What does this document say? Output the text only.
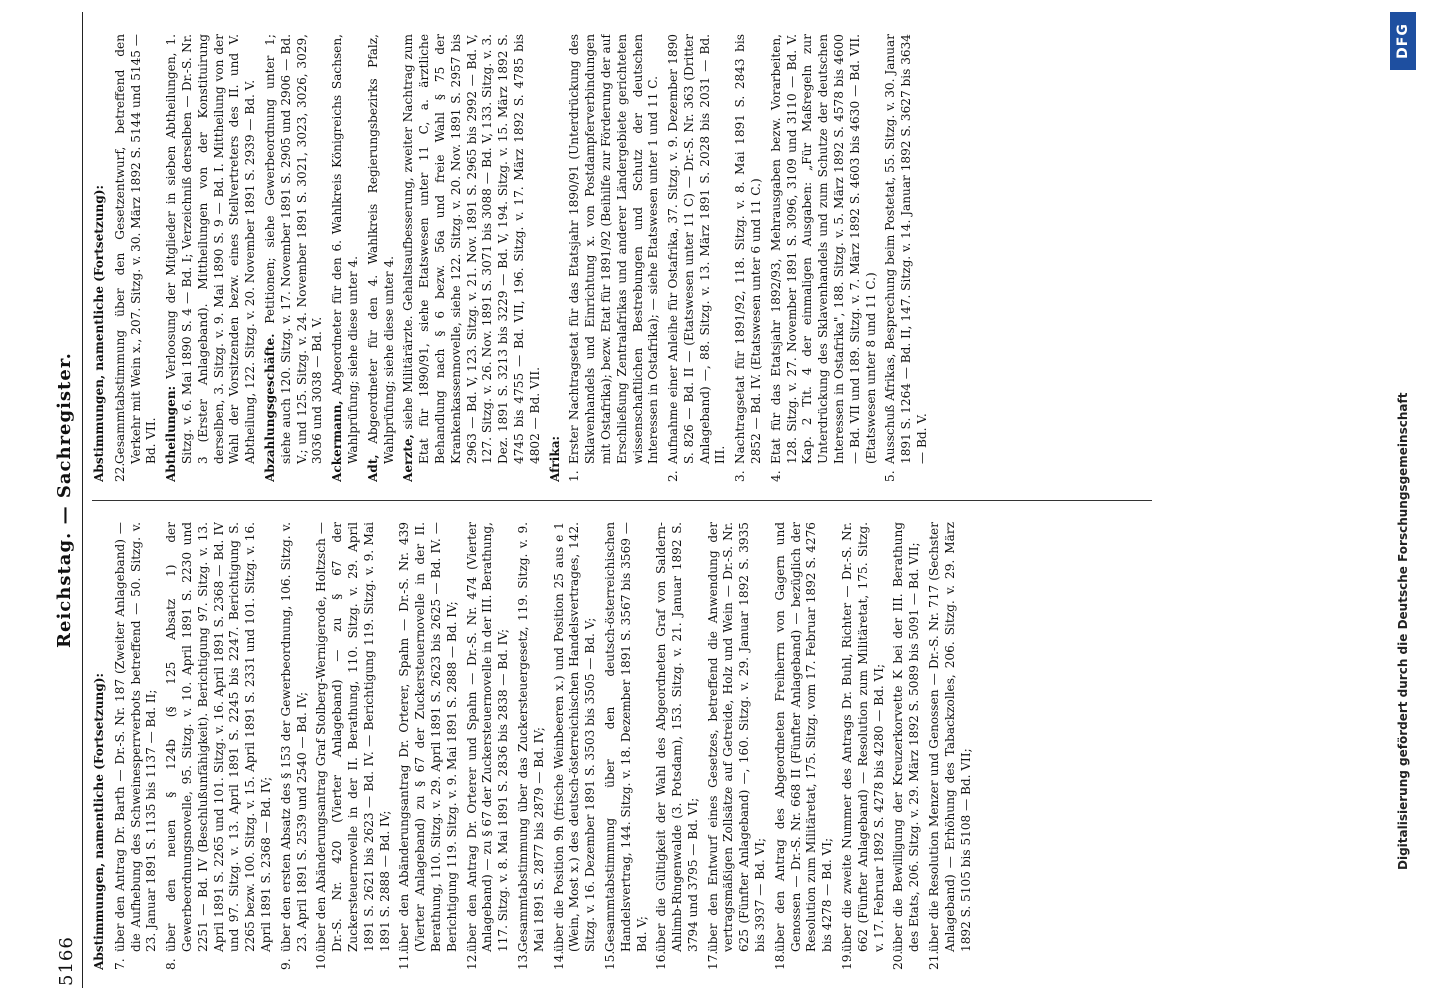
5166
Reichstag. — Sachregister.
Abstimmungen, namentliche (Fortsetzung): 7.über den Antrag Dr. Barth — Dr.-S. Nr. 187 (Zweiter Anlageband) — die Aufhebung des Schweinesperrverbots betreffend — 50. Sitzg. v. 23. Januar 1891 S. 1135 bis 1137 — Bd. II;
8.über den neuen § 124b (§ 125 Absatz 1) der Gewerbeordnungsnovelle, 95. Sitzg. v. 10. April 1891 S. 2230 und 2251 — Bd. IV (Beschlußunfähigkeit). Berichtigung 97. Sitzg. v. 13. April 1891 S. 2265 und 101. Sitzg. v. 16. April 1891 S. 2368 — Bd. IV und 97. Sitzg. v. 13. April 1891 S. 2245 bis 2247. Berichtigung S. 2265 bezw. 100. Sitzg. v. 15. April 1891 S. 2331 und 101. Sitzg. v. 16. April 1891 S. 2368 — Bd. IV;
9.über den ersten Absatz des § 153 der Gewerbeordnung, 106. Sitzg. v. 23. April 1891 S. 2539 und 2540 — Bd. IV;
10.über den Abänderungsantrag Graf Stolberg-Wernigerode, Holtzsch — Dr.-S. Nr. 420 (Vierter Anlageband) — zu § 67 der Zuckersteuernovelle in der II. Berathung, 110. Sitzg. v. 29. April 1891 S. 2621 bis 2623 — Bd. IV. — Berichtigung 119. Sitzg. v. 9. Mai 1891 S. 2888 — Bd. IV;
11.über den Abänderungsantrag Dr. Orterer, Spahn — Dr.-S. Nr. 439 (Vierter Anlageband) zu § 67 der Zuckersteuernovelle in der II. Berathung, 110. Sitzg. v. 29. April 1891 S. 2623 bis 2625 — Bd. IV. — Berichtigung 119. Sitzg. v. 9. Mai 1891 S. 2888 — Bd. IV;
12.über den Antrag Dr. Orterer und Spahn — Dr.-S. Nr. 474 (Vierter Anlageband) — zu § 67 der Zuckersteuernovelle in der III. Berathung, 117. Sitzg. v. 8. Mai 1891 S. 2836 bis 2838 — Bd. IV;
13.Gesammtabstimmung über das Zuckersteuergesetz, 119. Sitzg. v. 9. Mai 1891 S. 2877 bis 2879 — Bd. IV;
14.über die Position 9h (frische Weinbeeren x.) und Position 25 aus e 1 (Wein, Most x.) des deutsch-österreichischen Handelsvertrages, 142. Sitzg. v. 16. Dezember 1891 S. 3503 bis 3505 — Bd. V;
15.Gesammtabstimmung über den deutsch-österreichischen Handelsvertrag, 144. Sitzg. v. 18. Dezember 1891 S. 3567 bis 3569 — Bd. V;
16.über die Gültigkeit der Wahl des Abgeordneten Graf von Saldern-Ahlimb-Ringenwalde (3. Potsdam), 153. Sitzg. v. 21. Januar 1892 S. 3794 und 3795 — Bd. VI;
17.über den Entwurf eines Gesetzes, betreffend die Anwendung der vertragsmäßigen Zollsätze auf Getreide, Holz und Wein — Dr.-S. Nr. 625 (Fünfter Anlageband) —, 160. Sitzg. v. 29. Januar 1892 S. 3935 bis 3937 — Bd. VI;
18.über den Antrag des Abgeordneten Freiherrn von Gagern und Genossen — Dr.-S. Nr. 668 II (Fünfter Anlageband) — bezüglich der Resolution zum Militäretat, 175. Sitzg. vom 17. Februar 1892 S. 4276 bis 4278 — Bd. VI;
19.über die zweite Nummer des Antrags Dr. Buhl, Richter — Dr.-S. Nr. 662 (Fünfter Anlageband) — Resolution zum Militäretat, 175. Sitzg. v. 17. Februar 1892 S. 4278 bis 4280 — Bd. VI;
20.über die Bewilligung der Kreuzerkorvette K bei der III. Berathung des Etats, 206. Sitzg. v. 29. März 1892 S. 5089 bis 5091 — Bd. VII;
21.über die Resolution Menzer und Genossen — Dr.-S. Nr. 717 (Sechster Anlageband) — Erhöhung des Tabackzolles, 206. Sitzg. v. 29. März 1892 S. 5105 bis 5108 — Bd. VII;
Abstimmungen, namentliche (Fortsetzung): 22.Gesammtabstimmung über den Gesetzentwurf, betreffend den Verkehr mit Wein x., 207. Sitzg. v. 30. März 1892 S. 5144 und 5145 — Bd. VII. Abtheilungen: Verloosung der Mitglieder in sieben Abtheilungen, 1. Sitzg. v. 6. Mai 1890 S. 4 — Bd. I; Verzeichniß derselben — Dr.-S. Nr. 3 (Erster Anlageband). Mittheilungen von der Konstituirung derselben, 3. Sitzg. v. 9. Mai 1890 S. 9 — Bd. I. Mittheilung von der Wahl der Vorsitzenden bezw. eines Stellvertreters des II. und V. Abtheilung, 122. Sitzg. v. 20. November 1891 S. 2939 — Bd. V. Abzahlungsgeschäfte. Petitionen; siehe Gewerbeordnung unter 1; siehe auch 120. Sitzg. v. 17. November 1891 S. 2905 und 2906 — Bd. V.; und 125. Sitzg. v. 24. November 1891 S. 3021, 3023, 3026, 3029, 3036 und 3038 — Bd. V. Ackermann, Abgeordneter für den 6. Wahlkreis Königreichs Sachsen, Wahlprüfung; siehe diese unter 4.
Adt, Abgeordneter für den 4. Wahlkreis Regierungsbezirks Pfalz, Wahlprüfung; siehe diese unter 4. Aerzte, siehe Militärärzte. Gehaltsaufbesserung, zweiter Nachtrag zum Etat für 1890/91, siehe Etatswesen unter 11 C, a. ärztliche Behandlung nach § 6 bezw. 56a und freie Wahl § 75 der Krankenkassennovelle, siehe 122. Sitzg. v. 20. Nov. 1891 S. 2957 bis 2963 — Bd. V, 123. Sitzg. v. 21. Nov. 1891 S. 2965 bis 2992 — Bd. V, 127. Sitzg. v. 26. Nov. 1891 S. 3071 bis 3088 — Bd. V, 133. Sitzg. v. 3. Dez. 1891 S. 3213 bis 3229 — Bd. V, 194. Sitzg. v. 15. März 1892 S. 4745 bis 4755 — Bd. VII, 196. Sitzg. v. 17. März 1892 S. 4785 bis 4802 — Bd. VII. Afrika: 1.Erster Nachtragsetat für das Etatsjahr 1890/91 (Unterdrückung des Sklavenhandels und Einrichtung x. von Postdampferverbindungen mit Ostafrika); bezw. Etat für 1891/92 (Beihilfe zur Förderung der auf Erschließung Zentralafrikas und anderer Ländergebiete gerichteten wissenschaftlichen Bestrebungen und Schutz der deutschen Interessen in Ostafrika); — siehe Etatswesen unter 1 und 11 C.
2.Aufnahme einer Anleihe für Ostafrika, 37. Sitzg. v. 9. Dezember 1890 S. 826 — Bd. II — (Etatswesen unter 11 C) — Dr.-S. Nr. 363 (Dritter Anlageband) —, 88. Sitzg. v. 13. März 1891 S. 2028 bis 2031 — Bd. III.
3.Nachtragsetat für 1891/92, 118. Sitzg. v. 8. Mai 1891 S. 2843 bis 2852 — Bd. IV. (Etatswesen unter 6 und 11 C.)
4.Etat für das Etatsjahr 1892/93, Mehrausgaben bezw. Vorarbeiten, 128. Sitzg. v. 27. November 1891 S. 3096, 3109 und 3110 — Bd. V. Kap. 2 Tit. 4 der einmaligen Ausgaben: „Für Maßregeln zur Unterdrückung des Sklavenhandels und zum Schutze der deutschen Interessen in Ostafrika", 188. Sitzg. v. 5. März 1892 S. 4578 bis 4600 — Bd. VII und 189. Sitzg. v. 7. März 1892 S. 4603 bis 4630 — Bd. VII. (Etatswesen unter 8 und 11 C.)
5.Ausschuß Afrikas, Besprechung beim Postetat, 55. Sitzg. v. 30. Januar 1891 S. 1264 — Bd. II, 147. Sitzg. v. 14. Januar 1892 S. 3627 bis 3634 — Bd. V.	Digitalisierung gefördert durch die Deutsche Forschungsgemeinschaft
DFG
